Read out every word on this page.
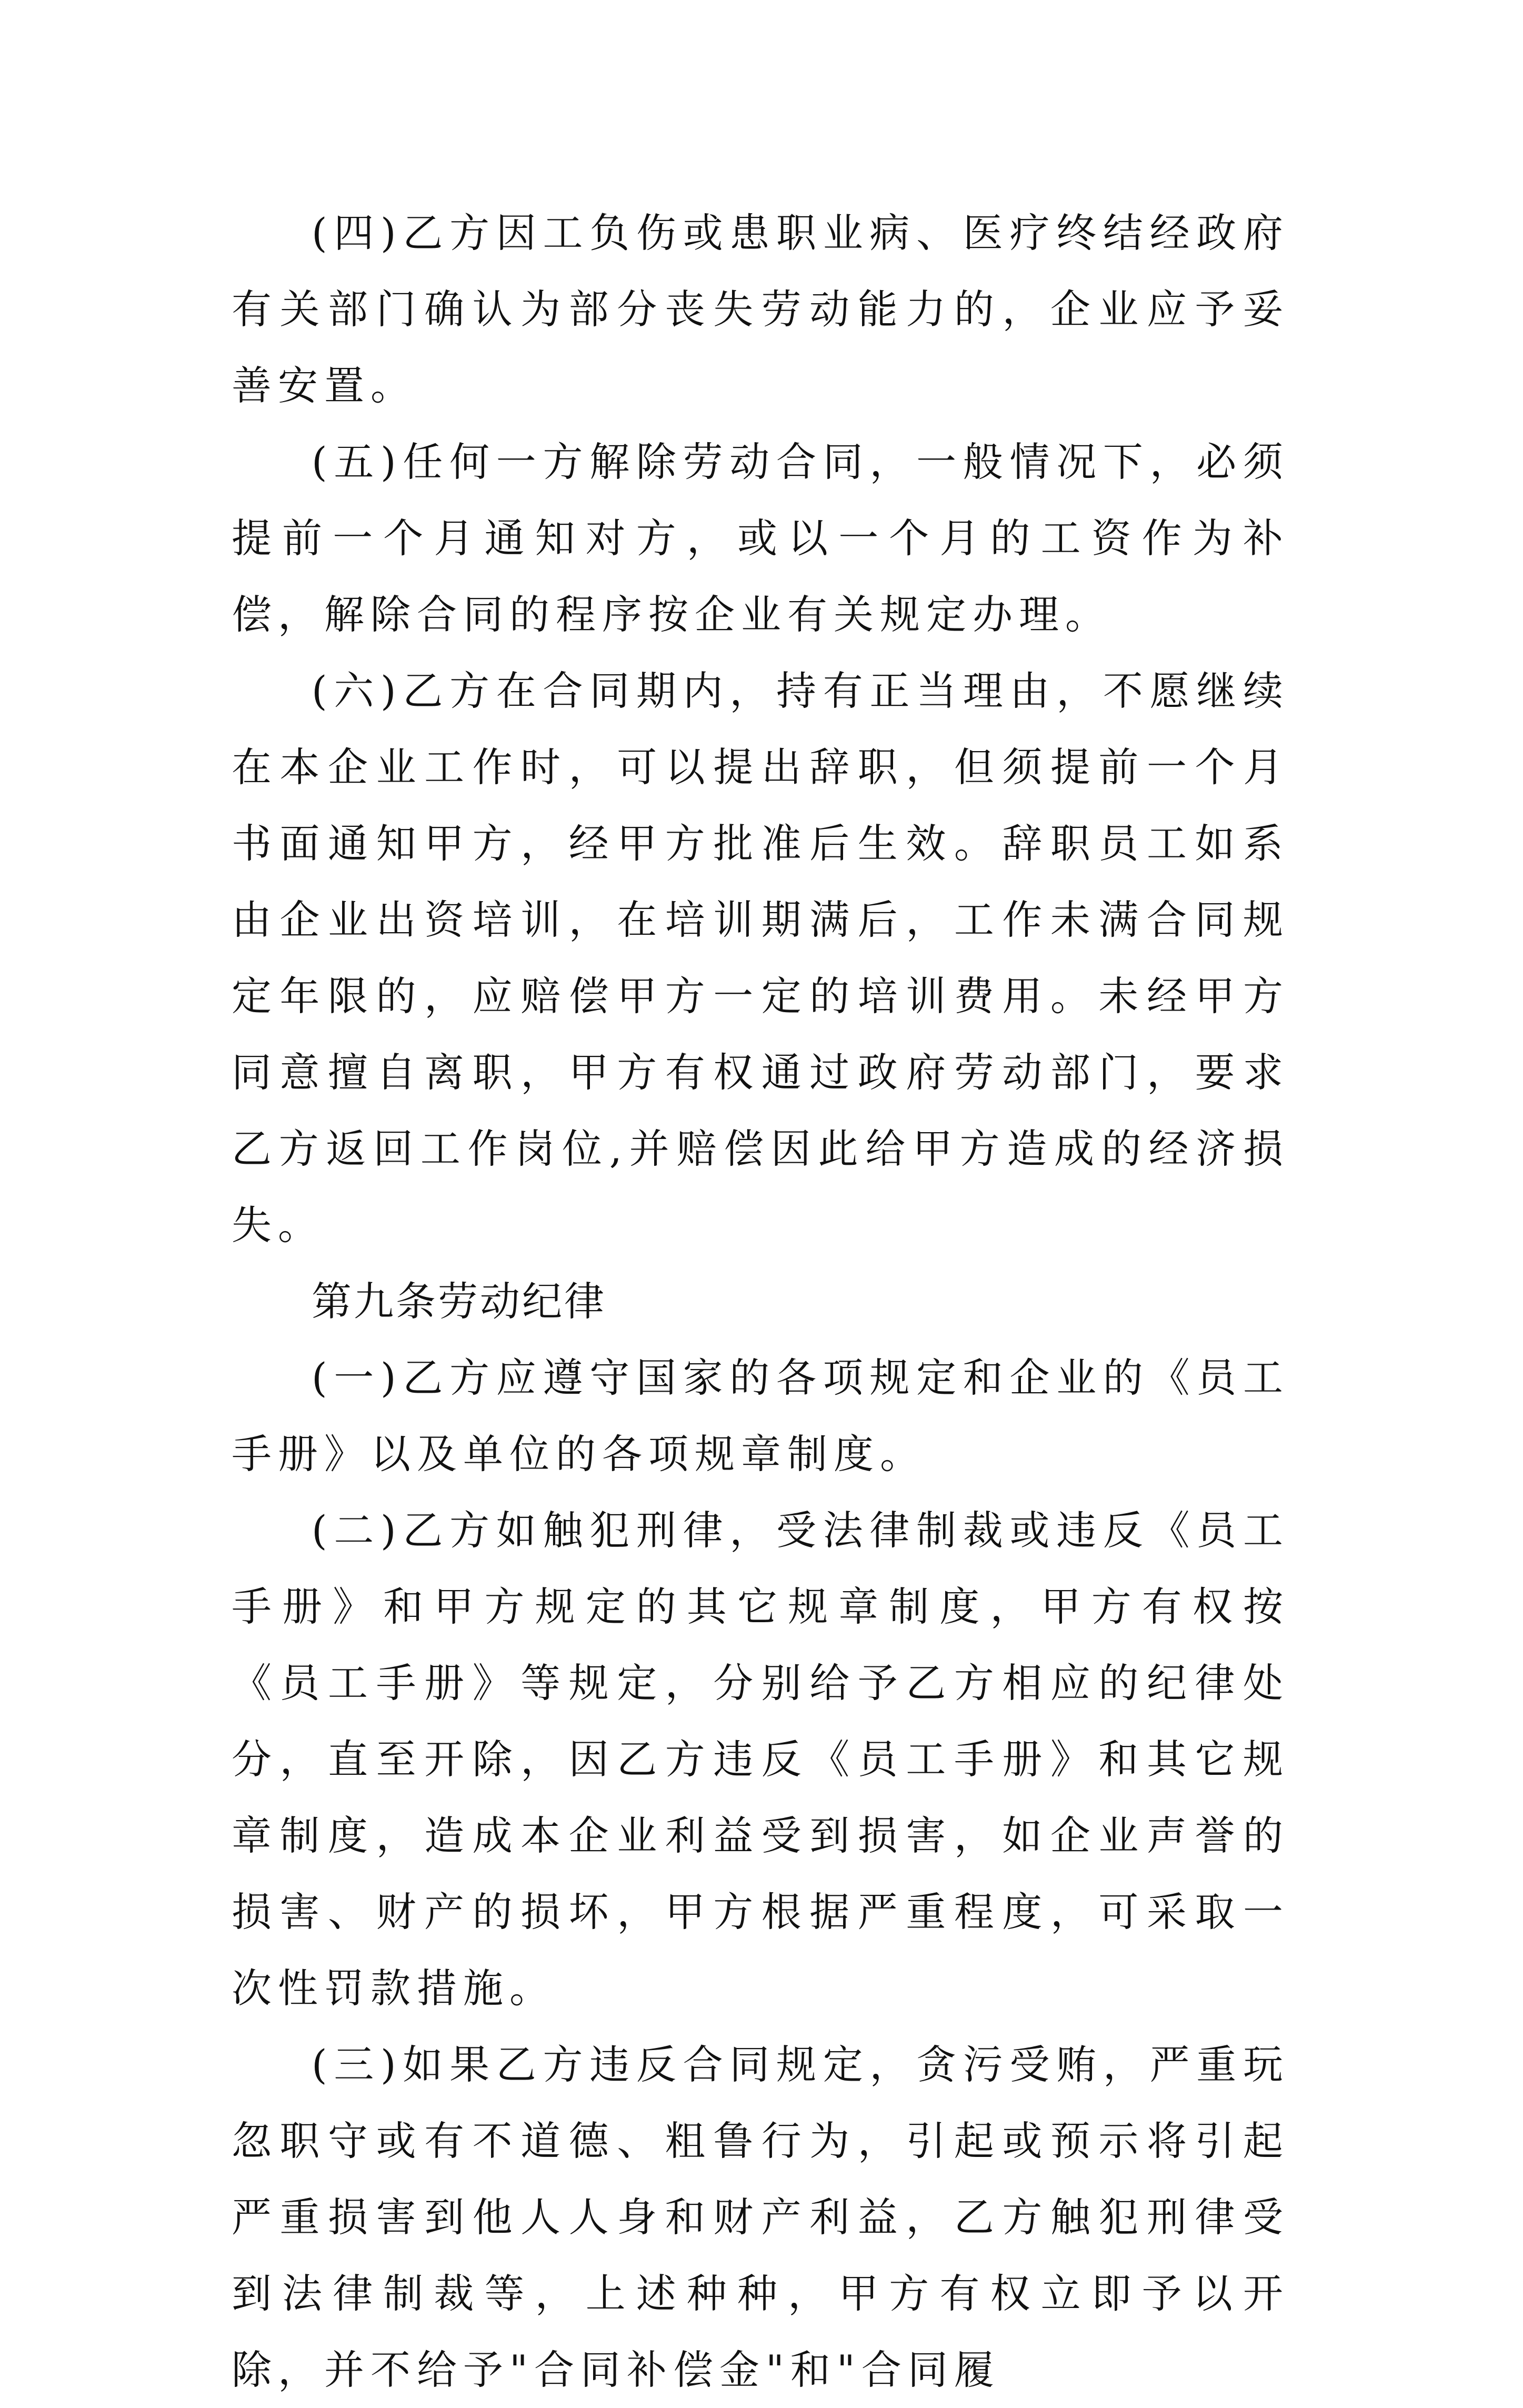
(四)乙方因工负伤或患职业病、医疗终结经政府有关部门确认为部分丧失劳动能力的，企业应予妥善安置。

(五)任何一方解除劳动合同，一般情况下，必须提前一个月通知对方，或以一个月的工资作为补偿，解除合同的程序按企业有关规定办理。

(六)乙方在合同期内，持有正当理由，不愿继续在本企业工作时，可以提出辞职，但须提前一个月书面通知甲方，经甲方批准后生效。辞职员工如系由企业出资培训，在培训期满后，工作未满合同规定年限的，应赔偿甲方一定的培训费用。未经甲方同意擅自离职，甲方有权通过政府劳动部门，要求乙方返回工作岗位,并赔偿因此给甲方造成的经济损失。

第九条劳动纪律

(一)乙方应遵守国家的各项规定和企业的《员工手册》以及单位的各项规章制度。

(二)乙方如触犯刑律，受法律制裁或违反《员工手册》和甲方规定的其它规章制度，甲方有权按《员工手册》等规定，分别给予乙方相应的纪律处分，直至开除，因乙方违反《员工手册》和其它规章制度，造成本企业利益受到损害，如企业声誉的损害、财产的损坏，甲方根据严重程度，可采取一次性罚款措施。

(三)如果乙方违反合同规定，贪污受贿，严重玩忽职守或有不道德、粗鲁行为，引起或预示将引起严重损害到他人人身和财产利益，乙方触犯刑律受到法律制裁等，上述种种，甲方有权立即予以开除，并不给予"合同补偿金"和"合同履
